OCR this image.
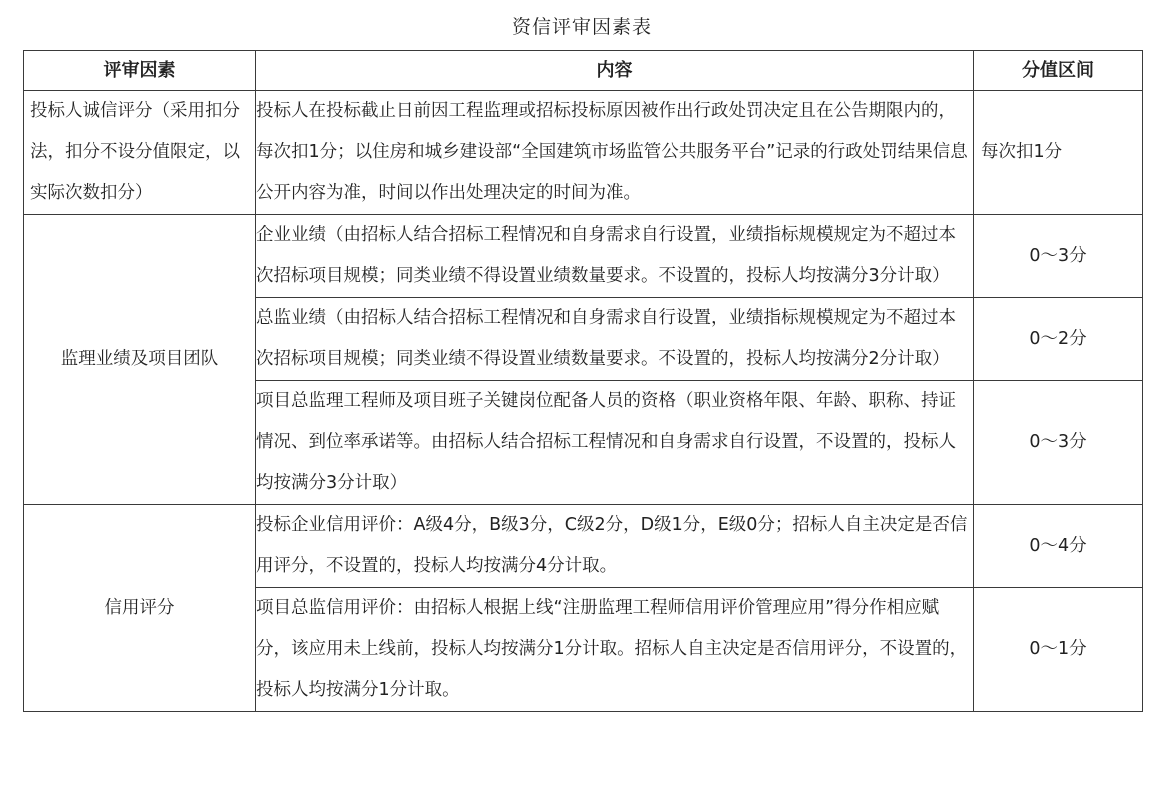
资信评审因素表
评审因素	内容	分值区间
投标人诚信评分（采用扣分法，扣分不设分值限定，以实际次数扣分）	投标人在投标截止日前因工程监理或招标投标原因被作出行政处罚决定且在公告期限内的，每次扣1分；以住房和城乡建设部“全国建筑市场监管公共服务平台”记录的行政处罚结果信息公开内容为准，时间以作出处理决定的时间为准。	每次扣1分
监理业绩及项目团队	企业业绩（由招标人结合招标工程情况和自身需求自行设置，业绩指标规模规定为不超过本次招标项目规模；同类业绩不得设置业绩数量要求。不设置的，投标人均按满分3分计取）	0～3分
	总监业绩（由招标人结合招标工程情况和自身需求自行设置，业绩指标规模规定为不超过本次招标项目规模；同类业绩不得设置业绩数量要求。不设置的，投标人均按满分2分计取）	0～2分
	项目总监理工程师及项目班子关键岗位配备人员的资格（职业资格年限、年龄、职称、持证情况、到位率承诺等。由招标人结合招标工程情况和自身需求自行设置，不设置的，投标人均按满分3分计取）	0～3分
信用评分	投标企业信用评价：A级4分，B级3分，C级2分，D级1分，E级0分；招标人自主决定是否信用评分，不设置的，投标人均按满分4分计取。	0～4分
	项目总监信用评价：由招标人根据上线“注册监理工程师信用评价管理应用”得分作相应赋分，该应用未上线前，投标人均按满分1分计取。招标人自主决定是否信用评分，不设置的，投标人均按满分1分计取。	0～1分
